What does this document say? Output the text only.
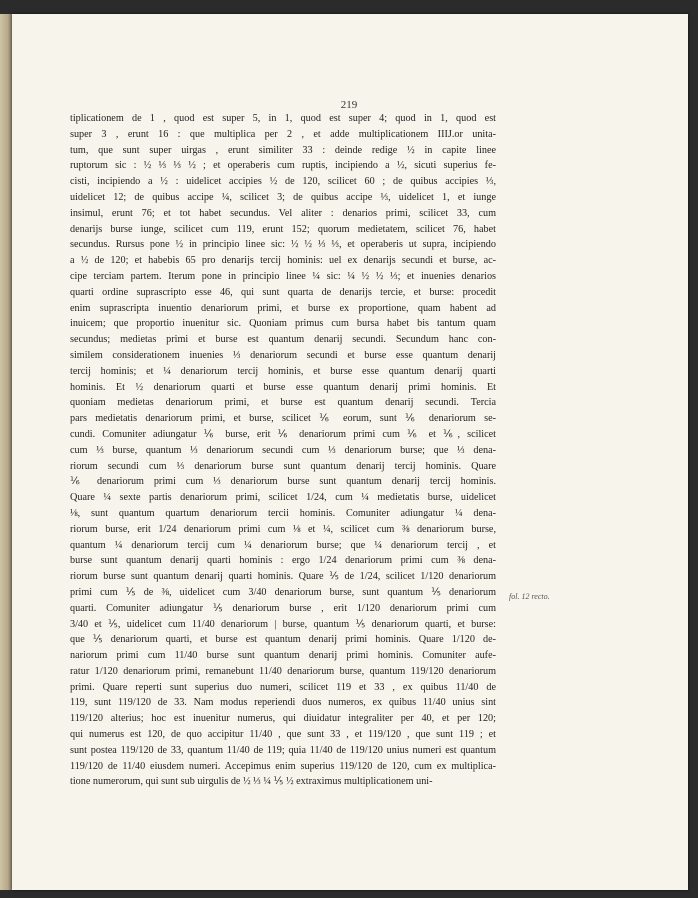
219
tiplicationem de 1 , quod est super 5, in 1, quod est super 4; quod in 1, quod est
super 3 , erunt 16 : que multiplica per 2 , et adde multiplicationem IIIJ.or unita-
tum, que sunt super uirgas , erunt similiter 33 : deinde redige ½ in capite linee
ruptorum sic : ½ ⅓ ⅓ ½ ; et operaberis cum ruptis, incipiendo a ½, sicuti superius fe-
cisti, incipiendo a ½ : uidelicet accipies ½ de 120, scilicet 60 ; de quibus accipies ⅓,
uidelicet 12; de quibus accipe ¼, scilicet 3; de quibus accipe ⅓, uidelicet 1, et iunge
insimul, erunt 76; et tot habet secundus. Vel aliter : denarios primi, scilicet 33, cum
denarijs burse iunge, scilicet cum 119, erunt 152; quorum medietatem, scilicet 76, habet
secundus. Rursus pone ½ in principio linee sic: ½ ½ ⅓ ⅓, et operaberis ut supra, incipiendo
a ½ de 120; et habebis 65 pro denarijs tercij hominis: uel ex denarijs secundi et burse, ac-
cipe terciam partem. Iterum pone in principio linee ¼ sic: ¼ ½ ½ ⅓; et inuenies denarios
quarti ordine suprascripto esse 46, qui sunt quarta de denarijs tercie, et burse: procedit
enim suprascripta inuentio denariorum primi, et burse ex proportione, quam habent ad
inuicem; que proportio inuenitur sic. Quoniam primus cum bursa habet bis tantum quam
secundus; medietas primi et burse est quantum denarij secundi. Secundum hanc con-
similem considerationem inuenies ⅓ denariorum secundi et burse esse quantum denarij
tercij hominis; et ¼ denariorum tercij hominis, et burse esse quantum denarij quarti
hominis. Et ½ denariorum quarti et burse esse quantum denarij primi hominis. Et
quoniam medietas denariorum primi, et burse est quantum denarij secundi. Tercia
pars medietatis denariorum primi, et burse, scilicet ⅙ eorum, sunt ⅙ denariorum se-
cundi. Comuniter adiungatur ⅙ burse, erit ⅙ denariorum primi cum ⅙ et ⅙, scilicet
cum ⅓ burse, quantum ⅓ denariorum secundi cum ⅓ denariorum burse; que ⅓ dena-
riorum secundi cum ⅓ denariorum burse sunt quantum denarij tercij hominis. Quare
⅙ denariorum primi cum ⅓ denariorum burse sunt quantum denarij tercij hominis.
Quare ¼ sexte partis denariorum primi, scilicet 1/24, cum ¼ medietatis burse, uidelicet
⅛, sunt quantum quartum denariorum tercii hominis. Comuniter adiungatur ¼ dena-
riorum burse, erit 1/24 denariorum primi cum ⅛ et ¼, scilicet cum ⅜ denariorum burse,
quantum ¼ denariorum tercij cum ¼ denariorum burse; que ¼ denariorum tercij , et
burse sunt quantum denarij quarti hominis : ergo 1/24 denariorum primi cum ⅜ dena-
riorum burse sunt quantum denarij quarti hominis. Quare ⅕ de 1/24, scilicet 1/120 denariorum
primi cum ⅕ de ⅜, uidelicet cum 3/40 denariorum burse, sunt quantum ⅕ denariorum
quarti. Comuniter adiungatur ⅕ denariorum burse , erit 1/120 denariorum primi cum
3/40 et ⅕, uidelicet cum 11/40 denariorum | burse, quantum ⅕ denariorum quarti, et burse:
que ⅕ denariorum quarti, et burse est quantum denarij primi hominis. Quare 1/120 de-
nariorum primi cum 11/40 burse sunt quantum denarij primi hominis. Comuniter aufe-
ratur 1/120 denariorum primi, remanebunt 11/40 denariorum burse, quantum 119/120 denariorum
primi. Quare reperti sunt superius duo numeri, scilicet 119 et 33 , ex quibus 11/40 de
119, sunt 119/120 de 33. Nam modus reperiendi duos numeros, ex quibus 11/40 unius sint
119/120 alterius; hoc est inuenitur numerus, qui diuidatur integraliter per 40, et per 120;
qui numerus est 120, de quo accipitur 11/40 , que sunt 33 , et 119/120 , que sunt 119 ; et
sunt postea 119/120 de 33, quantum 11/40 de 119; quia 11/40 de 119/120 unius numeri est quantum
119/120 de 11/40 eiusdem numeri. Accepimus enim superius 119/120 de 120, cum ex multiplica-
tione numerorum, qui sunt sub uirgulis de ½ ⅓ ¼ ⅕ ½ extraximus multiplicationem uni-
fol. 12 recto.
